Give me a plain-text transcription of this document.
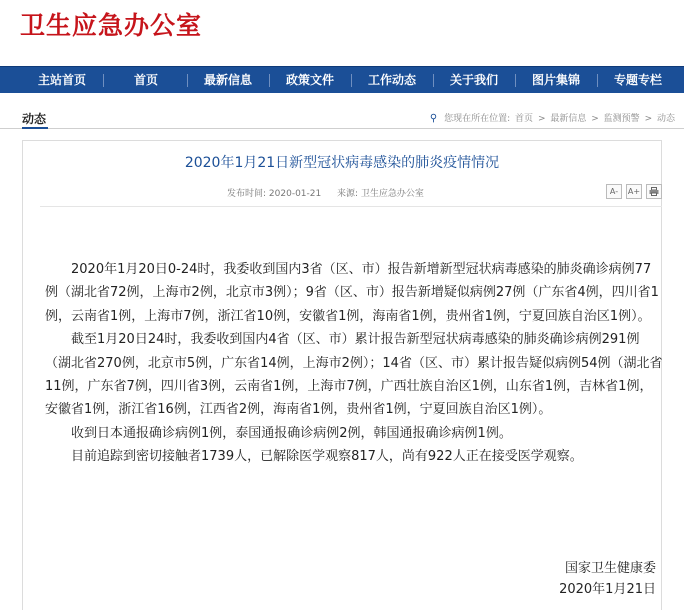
卫生应急办公室
主站首页	首页	最新信息	政策文件	工作动态	关于我们	图片集锦	专题专栏
动态	⚲ 您现在所在位置: 首页 > 最新信息 > 监测预警 > 动态
2020年1月21日新型冠状病毒感染的肺炎疫情情况
发布时间: 2020-01-21 来源: 卫生应急办公室	A-	A+

2020年1月20日0-24时，我委收到国内3省（区、市）报告新增新型冠状病毒感染的肺炎确诊病例77例（湖北省72例，上海市2例，北京市3例）；9省（区、市）报告新增疑似病例27例（广东省4例，四川省1例，云南省1例，上海市7例，浙江省10例，安徽省1例，海南省1例，贵州省1例，宁夏回族自治区1例）。

截至1月20日24时，我委收到国内4省（区、市）累计报告新型冠状病毒感染的肺炎确诊病例291例（湖北省270例，北京市5例，广东省14例，上海市2例）；14省（区、市）累计报告疑似病例54例（湖北省11例，广东省7例，四川省3例，云南省1例，上海市7例，广西壮族自治区1例，山东省1例，吉林省1例，安徽省1例，浙江省16例，江西省2例，海南省1例，贵州省1例，宁夏回族自治区1例）。

收到日本通报确诊病例1例，泰国通报确诊病例2例，韩国通报确诊病例1例。

目前追踪到密切接触者1739人，已解除医学观察817人，尚有922人正在接受医学观察。

国家卫生健康委
2020年1月21日
